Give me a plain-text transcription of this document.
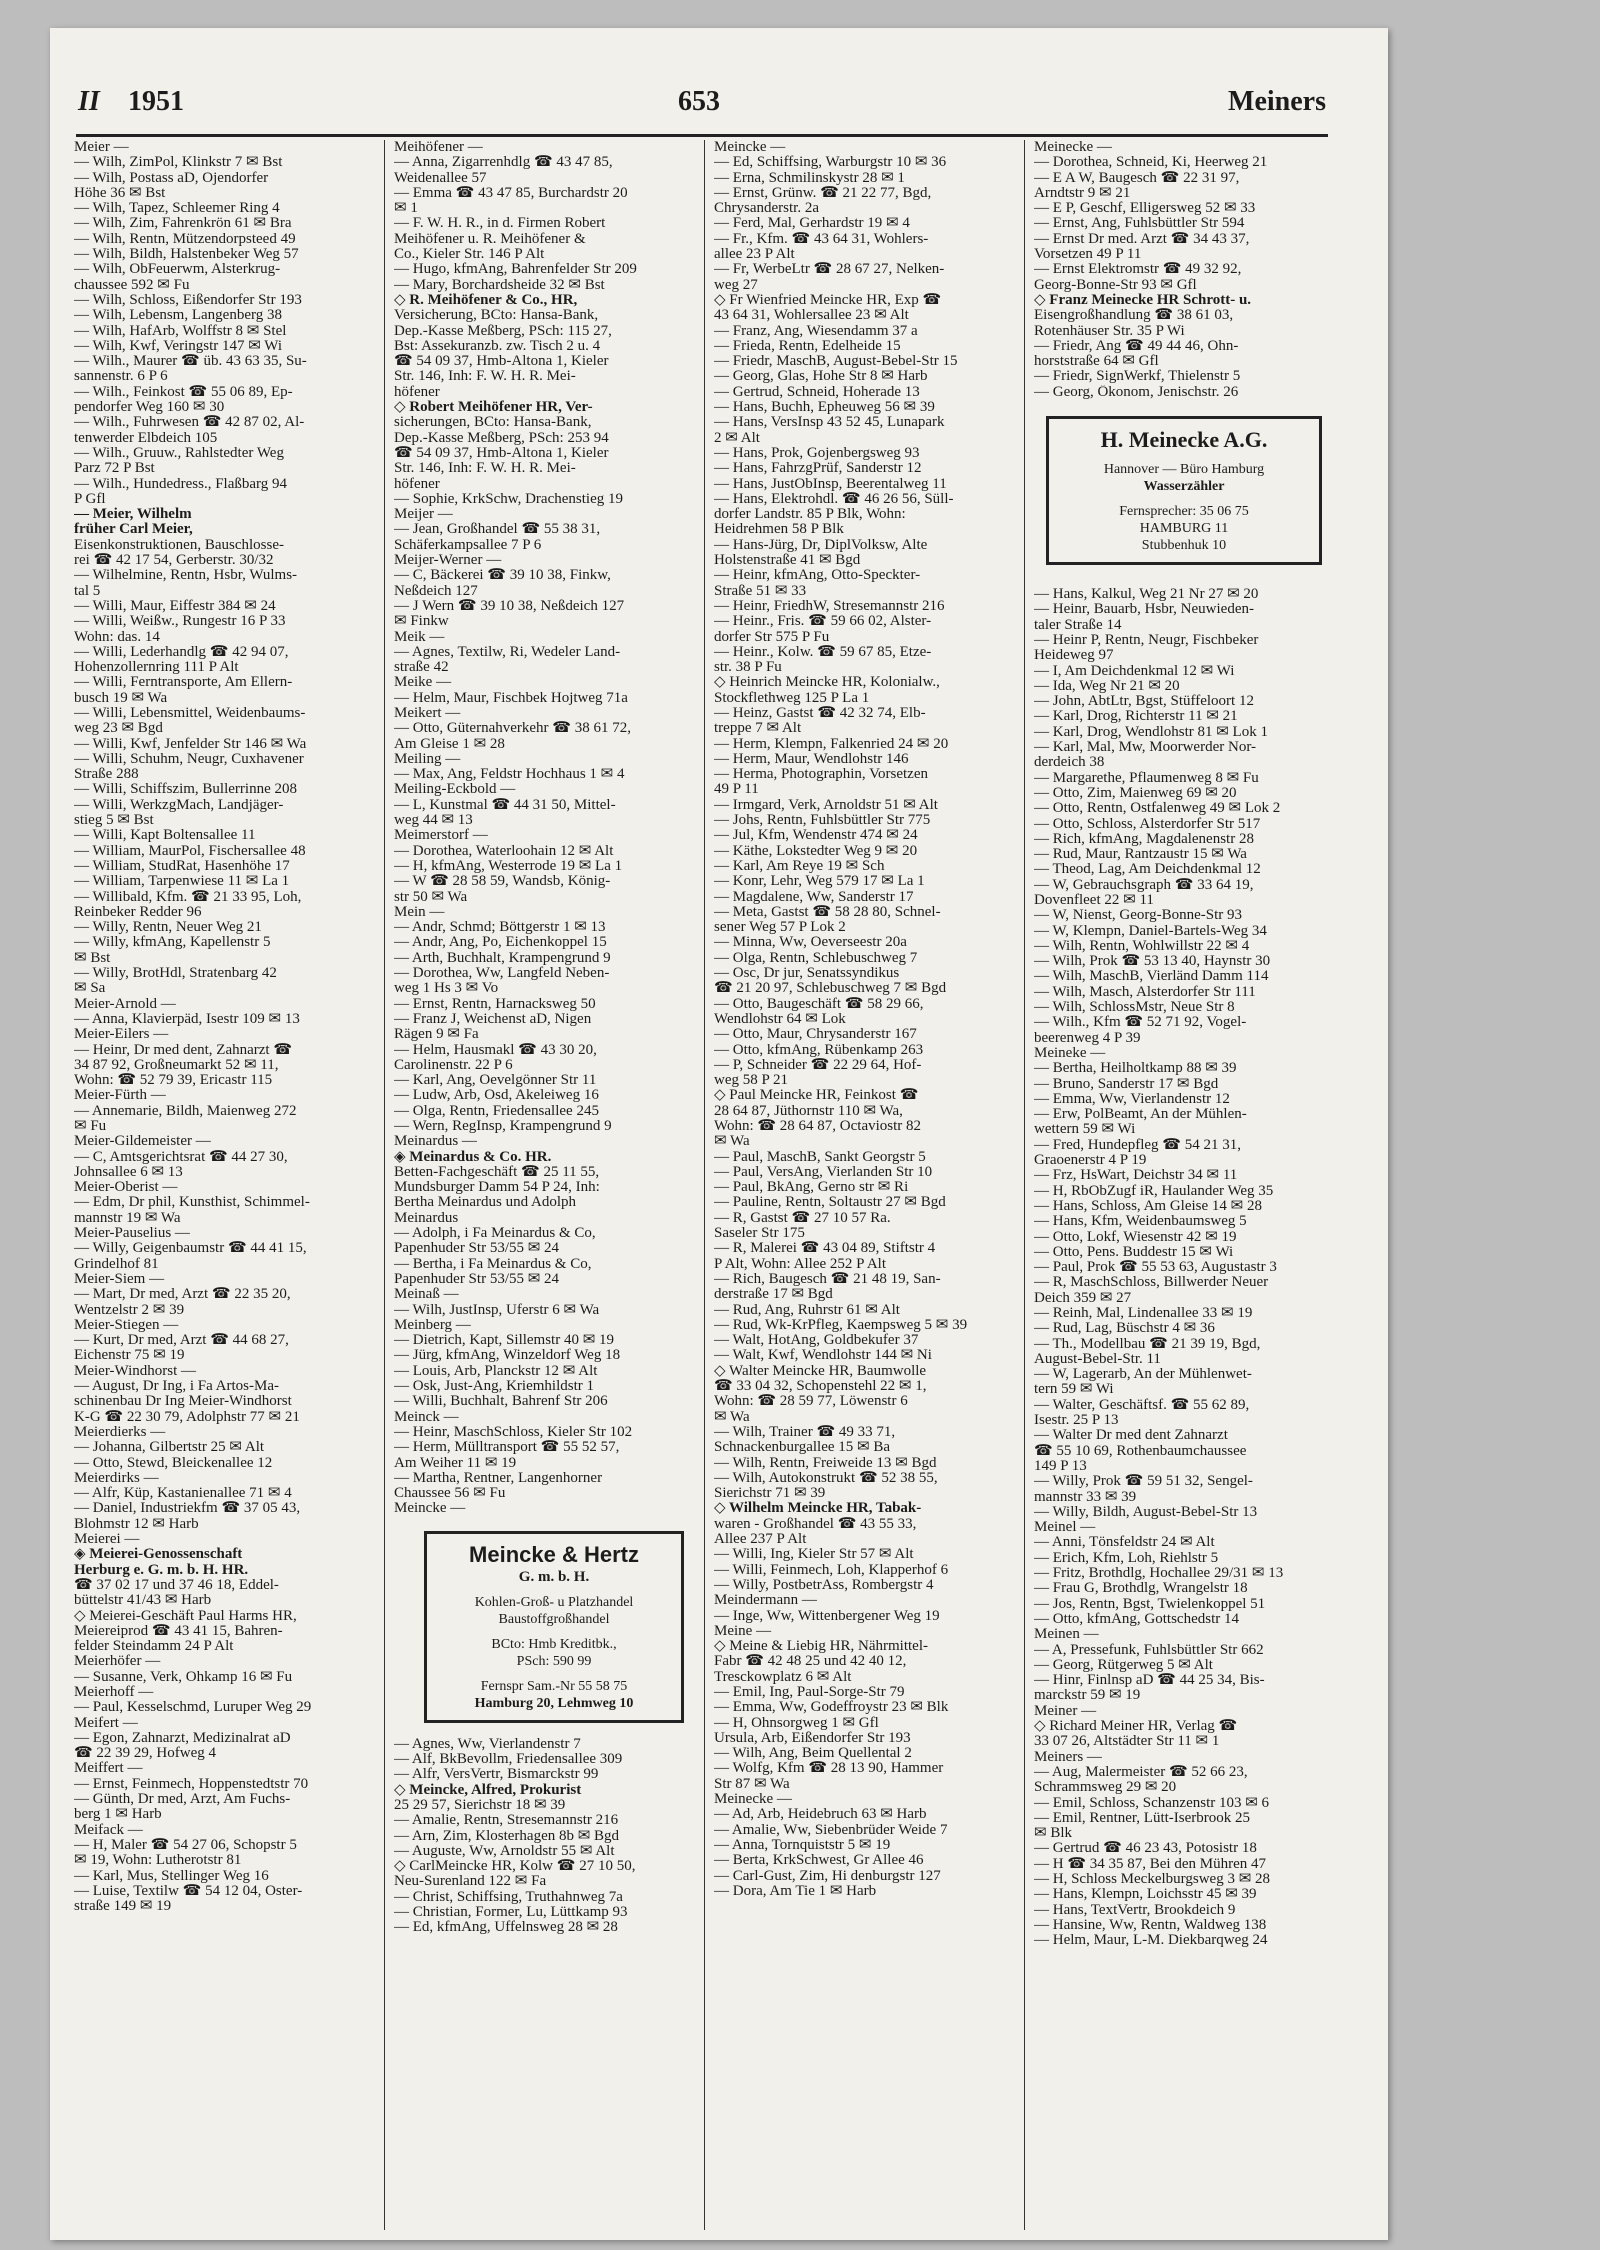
II 1951	653	Meiners
Meier —
— Wilh, ZimPol, Klinkstr 7 ✉ Bst
— Wilh, Postass aD, Ojendorfer
Höhe 36 ✉ Bst
— Wilh, Tapez, Schleemer Ring 4
— Wilh, Zim, Fahrenkrön 61 ✉ Bra
— Wilh, Rentn, Mützendorpsteed 49
— Wilh, Bildh, Halstenbeker Weg 57
— Wilh, ObFeuerwm, Alsterkrug-
chaussee 592 ✉ Fu
— Wilh, Schloss, Eißendorfer Str 193
— Wilh, Lebensm, Langenberg 38
— Wilh, HafArb, Wolffstr 8 ✉ Stel
— Wilh, Kwf, Veringstr 147 ✉ Wi
— Wilh., Maurer ☎ üb. 43 63 35, Su-
sannenstr. 6 P 6
— Wilh., Feinkost ☎ 55 06 89, Ep-
pendorfer Weg 160 ✉ 30
— Wilh., Fuhrwesen ☎ 42 87 02, Al-
tenwerder Elbdeich 105
— Wilh., Gruuw., Rahlstedter Weg
Parz 72 P Bst
— Wilh., Hundedress., Flaßbarg 94
P Gfl
— Meier, Wilhelm
früher Carl Meier,
Eisenkonstruktionen, Bauschlosse-
rei ☎ 42 17 54, Gerberstr. 30/32
— Wilhelmine, Rentn, Hsbr, Wulms-
tal 5
— Willi, Maur, Eiffestr 384 ✉ 24
— Willi, Weißw., Rungestr 16 P 33
Wohn: das. 14
— Willi, Lederhandlg ☎ 42 94 07,
Hohenzollernring 111 P Alt
— Willi, Ferntransporte, Am Ellern-
busch 19 ✉ Wa
— Willi, Lebensmittel, Weidenbaums-
weg 23 ✉ Bgd
— Willi, Kwf, Jenfelder Str 146 ✉ Wa
— Willi, Schuhm, Neugr, Cuxhavener
Straße 288
— Willi, Schiffszim, Bullerrinne 208
— Willi, WerkzgMach, Landjäger-
stieg 5 ✉ Bst
— Willi, Kapt Boltensallee 11
— William, MaurPol, Fischersallee 48
— William, StudRat, Hasenhöhe 17
— William, Tarpenwiese 11 ✉ La 1
— Willibald, Kfm. ☎ 21 33 95, Loh,
Reinbeker Redder 96
— Willy, Rentn, Neuer Weg 21
— Willy, kfmAng, Kapellenstr 5
✉ Bst
— Willy, BrotHdl, Stratenbarg 42
✉ Sa
Meier-Arnold —
— Anna, Klavierpäd, Isestr 109 ✉ 13
Meier-Eilers —
— Heinr, Dr med dent, Zahnarzt ☎
34 87 92, Großneumarkt 52 ✉ 11,
Wohn: ☎ 52 79 39, Ericastr 115
Meier-Fürth —
— Annemarie, Bildh, Maienweg 272
✉ Fu
Meier-Gildemeister —
— C, Amtsgerichtsrat ☎ 44 27 30,
Johnsallee 6 ✉ 13
Meier-Oberist —
— Edm, Dr phil, Kunsthist, Schimmel-
mannstr 19 ✉ Wa
Meier-Pauselius —
— Willy, Geigenbaumstr ☎ 44 41 15,
Grindelhof 81
Meier-Siem —
— Mart, Dr med, Arzt ☎ 22 35 20,
Wentzelstr 2 ✉ 39
Meier-Stiegen —
— Kurt, Dr med, Arzt ☎ 44 68 27,
Eichenstr 75 ✉ 19
Meier-Windhorst —
— August, Dr Ing, i Fa Artos-Ma-
schinenbau Dr Ing Meier-Windhorst
K-G ☎ 22 30 79, Adolphstr 77 ✉ 21
Meierdierks —
— Johanna, Gilbertstr 25 ✉ Alt
— Otto, Stewd, Bleickenallee 12
Meierdirks —
— Alfr, Küp, Kastanienallee 71 ✉ 4
— Daniel, Industriekfm ☎ 37 05 43,
Blohmstr 12 ✉ Harb
Meierei —
◈ Meierei-Genossenschaft
Herburg e. G. m. b. H. HR.
☎ 37 02 17 und 37 46 18, Eddel-
büttelstr 41/43 ✉ Harb
◇ Meierei-Geschäft Paul Harms HR,
Meiereiprod ☎ 43 41 15, Bahren-
felder Steindamm 24 P Alt
Meierhöfer —
— Susanne, Verk, Ohkamp 16 ✉ Fu
Meierhoff —
— Paul, Kesselschmd, Luruper Weg 29
Meifert —
— Egon, Zahnarzt, Medizinalrat aD
☎ 22 39 29, Hofweg 4
Meiffert —
— Ernst, Feinmech, Hoppenstedtstr 70
— Günth, Dr med, Arzt, Am Fuchs-
berg 1 ✉ Harb
Meifack —
— H, Maler ☎ 54 27 06, Schopstr 5
✉ 19, Wohn: Lutherotstr 81
— Karl, Mus, Stellinger Weg 16
— Luise, Textilw ☎ 54 12 04, Oster-
straße 149 ✉ 19
Meihöfener —
— Anna, Zigarrenhdlg ☎ 43 47 85,
Weidenallee 57
— Emma ☎ 43 47 85, Burchardstr 20
✉ 1
— F. W. H. R., in d. Firmen Robert
Meihöfener u. R. Meihöfener &
Co., Kieler Str. 146 P Alt
— Hugo, kfmAng, Bahrenfelder Str 209
— Mary, Borchardsheide 32 ✉ Bst
◇ R. Meihöfener & Co., HR,
Versicherung, BCto: Hansa-Bank,
Dep.-Kasse Meßberg, PSch: 115 27,
Bst: Assekuranzb. zw. Tisch 2 u. 4
☎ 54 09 37, Hmb-Altona 1, Kieler
Str. 146, Inh: F. W. H. R. Mei-
höfener
◇ Robert Meihöfener HR, Ver-
sicherungen, BCto: Hansa-Bank,
Dep.-Kasse Meßberg, PSch: 253 94
☎ 54 09 37, Hmb-Altona 1, Kieler
Str. 146, Inh: F. W. H. R. Mei-
höfener
— Sophie, KrkSchw, Drachenstieg 19
Meijer —
— Jean, Großhandel ☎ 55 38 31,
Schäferkampsallee 7 P 6
Meijer-Werner —
— C, Bäckerei ☎ 39 10 38, Finkw,
Neßdeich 127
— J Wern ☎ 39 10 38, Neßdeich 127
✉ Finkw
Meik —
— Agnes, Textilw, Ri, Wedeler Land-
straße 42
Meike —
— Helm, Maur, Fischbek Hojtweg 71a
Meikert —
— Otto, Güternahverkehr ☎ 38 61 72,
Am Gleise 1 ✉ 28
Meiling —
— Max, Ang, Feldstr Hochhaus 1 ✉ 4
Meiling-Eckbold —
— L, Kunstmal ☎ 44 31 50, Mittel-
weg 44 ✉ 13
Meimerstorf —
— Dorothea, Waterloohain 12 ✉ Alt
— H, kfmAng, Westerrode 19 ✉ La 1
— W ☎ 28 58 59, Wandsb, König-
str 50 ✉ Wa
Mein —
— Andr, Schmd; Böttgerstr 1 ✉ 13
— Andr, Ang, Po, Eichenkoppel 15
— Arth, Buchhalt, Krampengrund 9
— Dorothea, Ww, Langfeld Neben-
weg 1 Hs 3 ✉ Vo
— Ernst, Rentn, Harnacksweg 50
— Franz J, Weichenst aD, Nigen
Rägen 9 ✉ Fa
— Helm, Hausmakl ☎ 43 30 20,
Carolinenstr. 22 P 6
— Karl, Ang, Oevelgönner Str 11
— Ludw, Arb, Osd, Akeleiweg 16
— Olga, Rentn, Friedensallee 245
— Wern, RegInsp, Krampengrund 9
Meinardus —
◈ Meinardus & Co. HR.
Betten-Fachgeschäft ☎ 25 11 55,
Mundsburger Damm 54 P 24, Inh:
Bertha Meinardus und Adolph
Meinardus
— Adolph, i Fa Meinardus & Co,
Papenhuder Str 53/55 ✉ 24
— Bertha, i Fa Meinardus & Co,
Papenhuder Str 53/55 ✉ 24
Meinaß —
— Wilh, JustInsp, Uferstr 6 ✉ Wa
Meinberg —
— Dietrich, Kapt, Sillemstr 40 ✉ 19
— Jürg, kfmAng, Winzeldorf Weg 18
— Louis, Arb, Planckstr 12 ✉ Alt
— Osk, Just-Ang, Kriemhildstr 1
— Willi, Buchhalt, Bahrenf Str 206
Meinck —
— Heinr, MaschSchloss, Kieler Str 102
— Herm, Mülltransport ☎ 55 52 57,
Am Weiher 11 ✉ 19
— Martha, Rentner, Langenhorner
Chaussee 56 ✉ Fu
Meincke —
Meincke & Hertz
G. m. b. H.
Kohlen-Groß- u Platzhandel
Baustoffgroßhandel
BCto: Hmb Kreditbk.,
PSch: 590 99
Fernspr Sam.-Nr 55 58 75
Hamburg 20, Lehmweg 10
— Agnes, Ww, Vierlandenstr 7
— Alf, BkBevollm, Friedensallee 309
— Alfr, VersVertr, Bismarckstr 99
◇ Meincke, Alfred, Prokurist
25 29 57, Sierichstr 18 ✉ 39
— Amalie, Rentn, Stresemannstr 216
— Arn, Zim, Klosterhagen 8b ✉ Bgd
— Auguste, Ww, Arnoldstr 55 ✉ Alt
◇ CarlMeincke HR, Kolw ☎ 27 10 50,
Neu-Surenland 122 ✉ Fa
— Christ, Schiffsing, Truthahnweg 7a
— Christian, Former, Lu, Lüttkamp 93
— Ed, kfmAng, Uffelnsweg 28 ✉ 28
Meincke —
— Ed, Schiffsing, Warburgstr 10 ✉ 36
— Erna, Schmilinskystr 28 ✉ 1
— Ernst, Grünw. ☎ 21 22 77, Bgd,
Chrysanderstr. 2a
— Ferd, Mal, Gerhardstr 19 ✉ 4
— Fr., Kfm. ☎ 43 64 31, Wohlers-
allee 23 P Alt
— Fr, WerbeLtr ☎ 28 67 27, Nelken-
weg 27
◇ Fr Wienfried Meincke HR, Exp ☎
43 64 31, Wohlersallee 23 ✉ Alt
— Franz, Ang, Wiesendamm 37 a
— Frieda, Rentn, Edelheide 15
— Friedr, MaschB, August-Bebel-Str 15
— Georg, Glas, Hohe Str 8 ✉ Harb
— Gertrud, Schneid, Hoherade 13
— Hans, Buchh, Epheuweg 56 ✉ 39
— Hans, VersInsp 43 52 45, Lunapark
2 ✉ Alt
— Hans, Prok, Gojenbergsweg 93
— Hans, FahrzgPrüf, Sanderstr 12
— Hans, JustObInsp, Beerentalweg 11
— Hans, Elektrohdl. ☎ 46 26 56, Süll-
dorfer Landstr. 85 P Blk, Wohn:
Heidrehmen 58 P Blk
— Hans-Jürg, Dr, DiplVolksw, Alte
Holstenstraße 41 ✉ Bgd
— Heinr, kfmAng, Otto-Speckter-
Straße 51 ✉ 33
— Heinr, FriedhW, Stresemannstr 216
— Heinr., Fris. ☎ 59 66 02, Alster-
dorfer Str 575 P Fu
— Heinr., Kolw. ☎ 59 67 85, Etze-
str. 38 P Fu
◇ Heinrich Meincke HR, Kolonialw.,
Stockflethweg 125 P La 1
— Heinz, Gastst ☎ 42 32 74, Elb-
treppe 7 ✉ Alt
— Herm, Klempn, Falkenried 24 ✉ 20
— Herm, Maur, Wendlohstr 146
— Herma, Photographin, Vorsetzen
49 P 11
— Irmgard, Verk, Arnoldstr 51 ✉ Alt
— Johs, Rentn, Fuhlsbüttler Str 775
— Jul, Kfm, Wendenstr 474 ✉ 24
— Käthe, Lokstedter Weg 9 ✉ 20
— Karl, Am Reye 19 ✉ Sch
— Konr, Lehr, Weg 579 17 ✉ La 1
— Magdalene, Ww, Sanderstr 17
— Meta, Gastst ☎ 58 28 80, Schnel-
sener Weg 57 P Lok 2
— Minna, Ww, Oeverseestr 20a
— Olga, Rentn, Schlebuschweg 7
— Osc, Dr jur, Senatssyndikus
☎ 21 20 97, Schlebuschweg 7 ✉ Bgd
— Otto, Baugeschäft ☎ 58 29 66,
Wendlohstr 64 ✉ Lok
— Otto, Maur, Chrysanderstr 167
— Otto, kfmAng, Rübenkamp 263
— P, Schneider ☎ 22 29 64, Hof-
weg 58 P 21
◇ Paul Meincke HR, Feinkost ☎
28 64 87, Jüthornstr 110 ✉ Wa,
Wohn: ☎ 28 64 87, Octaviostr 82
✉ Wa
— Paul, MaschB, Sankt Georgstr 5
— Paul, VersAng, Vierlanden Str 10
— Paul, BkAng, Gerno str ✉ Ri
— Pauline, Rentn, Soltaustr 27 ✉ Bgd
— R, Gastst ☎ 27 10 57 Ra.
Saseler Str 175
— R, Malerei ☎ 43 04 89, Stiftstr 4
P Alt, Wohn: Allee 252 P Alt
— Rich, Baugesch ☎ 21 48 19, San-
derstraße 17 ✉ Bgd
— Rud, Ang, Ruhrstr 61 ✉ Alt
— Rud, Wk-KrPfleg, Kaempsweg 5 ✉ 39
— Walt, HotAng, Goldbekufer 37
— Walt, Kwf, Wendlohstr 144 ✉ Ni
◇ Walter Meincke HR, Baumwolle
☎ 33 04 32, Schopenstehl 22 ✉ 1,
Wohn: ☎ 28 59 77, Löwenstr 6
✉ Wa
— Wilh, Trainer ☎ 49 33 71,
Schnackenburgallee 15 ✉ Ba
— Wilh, Rentn, Freiweide 13 ✉ Bgd
— Wilh, Autokonstrukt ☎ 52 38 55,
Sierichstr 71 ✉ 39
◇ Wilhelm Meincke HR, Tabak-
waren - Großhandel ☎ 43 55 33,
Allee 237 P Alt
— Willi, Ing, Kieler Str 57 ✉ Alt
— Willi, Feinmech, Loh, Klapperhof 6
— Willy, PostbetrAss, Rombergstr 4
Meindermann —
— Inge, Ww, Wittenbergener Weg 19
Meine —
◇ Meine & Liebig HR, Nährmittel-
Fabr ☎ 42 48 25 und 42 40 12,
Tresckowplatz 6 ✉ Alt
— Emil, Ing, Paul-Sorge-Str 79
— Emma, Ww, Godeffroystr 23 ✉ Blk
— H, Ohnsorgweg 1 ✉ Gfl
Ursula, Arb, Eißendorfer Str 193
— Wilh, Ang, Beim Quellental 2
— Wolfg, Kfm ☎ 28 13 90, Hammer
Str 87 ✉ Wa
Meinecke —
— Ad, Arb, Heidebruch 63 ✉ Harb
— Amalie, Ww, Siebenbrüder Weide 7
— Anna, Tornquiststr 5 ✉ 19
— Berta, KrkSchwest, Gr Allee 46
— Carl-Gust, Zim, Hi denburgstr 127
— Dora, Am Tie 1 ✉ Harb
Meinecke —
— Dorothea, Schneid, Ki, Heerweg 21
— E A W, Baugesch ☎ 22 31 97,
Arndtstr 9 ✉ 21
— E P, Geschf, Elligersweg 52 ✉ 33
— Ernst, Ang, Fuhlsbüttler Str 594
— Ernst Dr med. Arzt ☎ 34 43 37,
Vorsetzen 49 P 11
— Ernst Elektromstr ☎ 49 32 92,
Georg-Bonne-Str 93 ✉ Gfl
◇ Franz Meinecke HR Schrott- u.
Eisengroßhandlung ☎ 38 61 03,
Rotenhäuser Str. 35 P Wi
— Friedr, Ang ☎ 49 44 46, Ohn-
horststraße 64 ✉ Gfl
— Friedr, SignWerkf, Thielenstr 5
— Georg, Ökonom, Jenischstr. 26
H. Meinecke A.G.
Hannover — Büro Hamburg
Wasserzähler
Fernsprecher: 35 06 75
HAMBURG 11
Stubbenhuk 10
— Hans, Kalkul, Weg 21 Nr 27 ✉ 20
— Heinr, Bauarb, Hsbr, Neuwieden-
taler Straße 14
— Heinr P, Rentn, Neugr, Fischbeker
Heideweg 97
— I, Am Deichdenkmal 12 ✉ Wi
— Ida, Weg Nr 21 ✉ 20
— John, AbtLtr, Bgst, Stüffeloort 12
— Karl, Drog, Richterstr 11 ✉ 21
— Karl, Drog, Wendlohstr 81 ✉ Lok 1
— Karl, Mal, Mw, Moorwerder Nor-
derdeich 38
— Margarethe, Pflaumenweg 8 ✉ Fu
— Otto, Zim, Maienweg 69 ✉ 20
— Otto, Rentn, Ostfalenweg 49 ✉ Lok 2
— Otto, Schloss, Alsterdorfer Str 517
— Rich, kfmAng, Magdalenenstr 28
— Rud, Maur, Rantzaustr 15 ✉ Wa
— Theod, Lag, Am Deichdenkmal 12
— W, Gebrauchsgraph ☎ 33 64 19,
Dovenfleet 22 ✉ 11
— W, Nienst, Georg-Bonne-Str 93
— W, Klempn, Daniel-Bartels-Weg 34
— Wilh, Rentn, Wohlwillstr 22 ✉ 4
— Wilh, Prok ☎ 53 13 40, Haynstr 30
— Wilh, MaschB, Vierländ Damm 114
— Wilh, Masch, Alsterdorfer Str 111
— Wilh, SchlossMstr, Neue Str 8
— Wilh., Kfm ☎ 52 71 92, Vogel-
beerenweg 4 P 39
Meineke —
— Bertha, Heilholtkamp 88 ✉ 39
— Bruno, Sanderstr 17 ✉ Bgd
— Emma, Ww, Vierlandenstr 12
— Erw, PolBeamt, An der Mühlen-
wettern 59 ✉ Wi
— Fred, Hundepfleg ☎ 54 21 31,
Graoenerstr 4 P 19
— Frz, HsWart, Deichstr 34 ✉ 11
— H, RbObZugf iR, Haulander Weg 35
— Hans, Schloss, Am Gleise 14 ✉ 28
— Hans, Kfm, Weidenbaumsweg 5
— Otto, Lokf, Wiesenstr 42 ✉ 19
— Otto, Pens. Buddestr 15 ✉ Wi
— Paul, Prok ☎ 55 53 63, Augustastr 3
— R, MaschSchloss, Billwerder Neuer
Deich 359 ✉ 27
— Reinh, Mal, Lindenallee 33 ✉ 19
— Rud, Lag, Büschstr 4 ✉ 36
— Th., Modellbau ☎ 21 39 19, Bgd,
August-Bebel-Str. 11
— W, Lagerarb, An der Mühlenwet-
tern 59 ✉ Wi
— Walter, Geschäftsf. ☎ 55 62 89,
Isestr. 25 P 13
— Walter Dr med dent Zahnarzt
☎ 55 10 69, Rothenbaumchaussee
149 P 13
— Willy, Prok ☎ 59 51 32, Sengel-
mannstr 33 ✉ 39
— Willy, Bildh, August-Bebel-Str 13
Meinel —
— Anni, Tönsfeldstr 24 ✉ Alt
— Erich, Kfm, Loh, Riehlstr 5
— Fritz, Brothdlg, Hochallee 29/31 ✉ 13
— Frau G, Brothdlg, Wrangelstr 18
— Jos, Rentn, Bgst, Twielenkoppel 51
— Otto, kfmAng, Gottschedstr 14
Meinen —
— A, Pressefunk, Fuhlsbüttler Str 662
— Georg, Rütgerweg 5 ✉ Alt
— Hinr, Finlnsp aD ☎ 44 25 34, Bis-
marckstr 59 ✉ 19
Meiner —
◇ Richard Meiner HR, Verlag ☎
33 07 26, Altstädter Str 11 ✉ 1
Meiners —
— Aug, Malermeister ☎ 52 66 23,
Schrammsweg 29 ✉ 20
— Emil, Schloss, Schanzenstr 103 ✉ 6
— Emil, Rentner, Lütt-Iserbrook 25
✉ Blk
— Gertrud ☎ 46 23 43, Potosistr 18
— H ☎ 34 35 87, Bei den Mühren 47
— H, Schloss Meckelburgsweg 3 ✉ 28
— Hans, Klempn, Loichsstr 45 ✉ 39
— Hans, TextVertr, Brookdeich 9
— Hansine, Ww, Rentn, Waldweg 138
— Helm, Maur, L-M. Diekbarqweg 24
